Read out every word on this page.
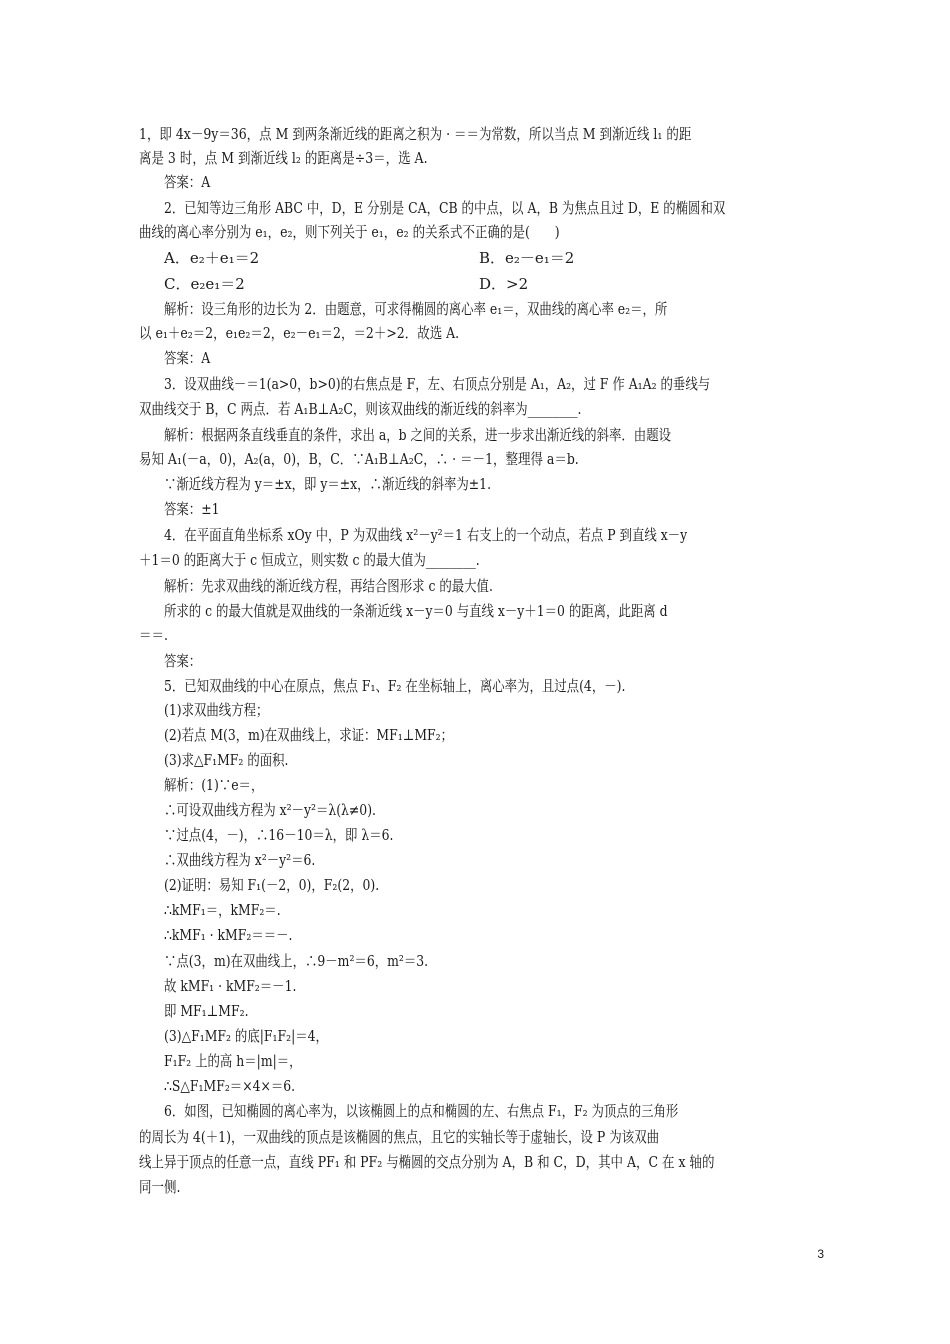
1，即 4x－9y＝36，点 M 到两条渐近线的距离之积为 · ＝＝为常数，所以当点 M 到渐近线 l₁ 的距
离是 3 时，点 M 到渐近线 l₂ 的距离是÷3＝，选 A.
答案：A
2．已知等边三角形 ABC 中，D，E 分别是 CA，CB 的中点，以 A，B 为焦点且过 D，E 的椭圆和双
曲线的离心率分别为 e₁，e₂，则下列关于 e₁，e₂ 的关系式不正确的是(　　)
A．e₂＋e₁＝2	B．e₂－e₁＝2
C．e₂e₁＝2	D．>2
解析：设三角形的边长为 2．由题意，可求得椭圆的离心率 e₁＝，双曲线的离心率 e₂＝，所
以 e₁＋e₂＝2，e₁e₂＝2，e₂－e₁＝2，＝2＋>2．故选 A.
答案：A
3．设双曲线－＝1(a>0，b>0)的右焦点是 F，左、右顶点分别是 A₁，A₂，过 F 作 A₁A₂ 的垂线与
双曲线交于 B，C 两点．若 A₁B⊥A₂C，则该双曲线的渐近线的斜率为________.
解析：根据两条直线垂直的条件，求出 a，b 之间的关系，进一步求出渐近线的斜率．由题设
易知 A₁(－a，0)，A₂(a，0)，B，C．∵A₁B⊥A₂C，∴ · ＝－1，整理得 a＝b.
∵渐近线方程为 y＝±x，即 y＝±x，∴渐近线的斜率为±1.
答案：±1
4．在平面直角坐标系 xOy 中，P 为双曲线 x²－y²＝1 右支上的一个动点，若点 P 到直线 x－y
＋1＝0 的距离大于 c 恒成立，则实数 c 的最大值为________.
解析：先求双曲线的渐近线方程，再结合图形求 c 的最大值.
所求的 c 的最大值就是双曲线的一条渐近线 x－y＝0 与直线 x－y＋1＝0 的距离，此距离 d
＝＝.
答案：
5．已知双曲线的中心在原点，焦点 F₁、F₂ 在坐标轴上，离心率为，且过点(4，－).
(1)求双曲线方程；
(2)若点 M(3，m)在双曲线上，求证：MF₁⊥MF₂；
(3)求△F₁MF₂ 的面积.
解析：(1)∵e＝，
∴可设双曲线方程为 x²－y²＝λ(λ≠0).
∵过点(4，－)，∴16－10＝λ，即 λ＝6.
∴双曲线方程为 x²－y²＝6.
(2)证明：易知 F₁(－2，0)，F₂(2，0).
∴kMF₁＝，kMF₂＝.
∴kMF₁ · kMF₂＝＝－.
∵点(3，m)在双曲线上，∴9－m²＝6，m²＝3.
故 kMF₁ · kMF₂＝－1.
即 MF₁⊥MF₂.
(3)△F₁MF₂ 的底|F₁F₂|＝4，
F₁F₂ 上的高 h＝|m|＝，
∴S△F₁MF₂＝×4×＝6.
6．如图，已知椭圆的离心率为，以该椭圆上的点和椭圆的左、右焦点 F₁，F₂ 为顶点的三角形
的周长为 4(＋1)，一双曲线的顶点是该椭圆的焦点，且它的实轴长等于虚轴长，设 P 为该双曲
线上异于顶点的任意一点，直线 PF₁ 和 PF₂ 与椭圆的交点分别为 A，B 和 C，D，其中 A，C 在 x 轴的
同一侧.
3
